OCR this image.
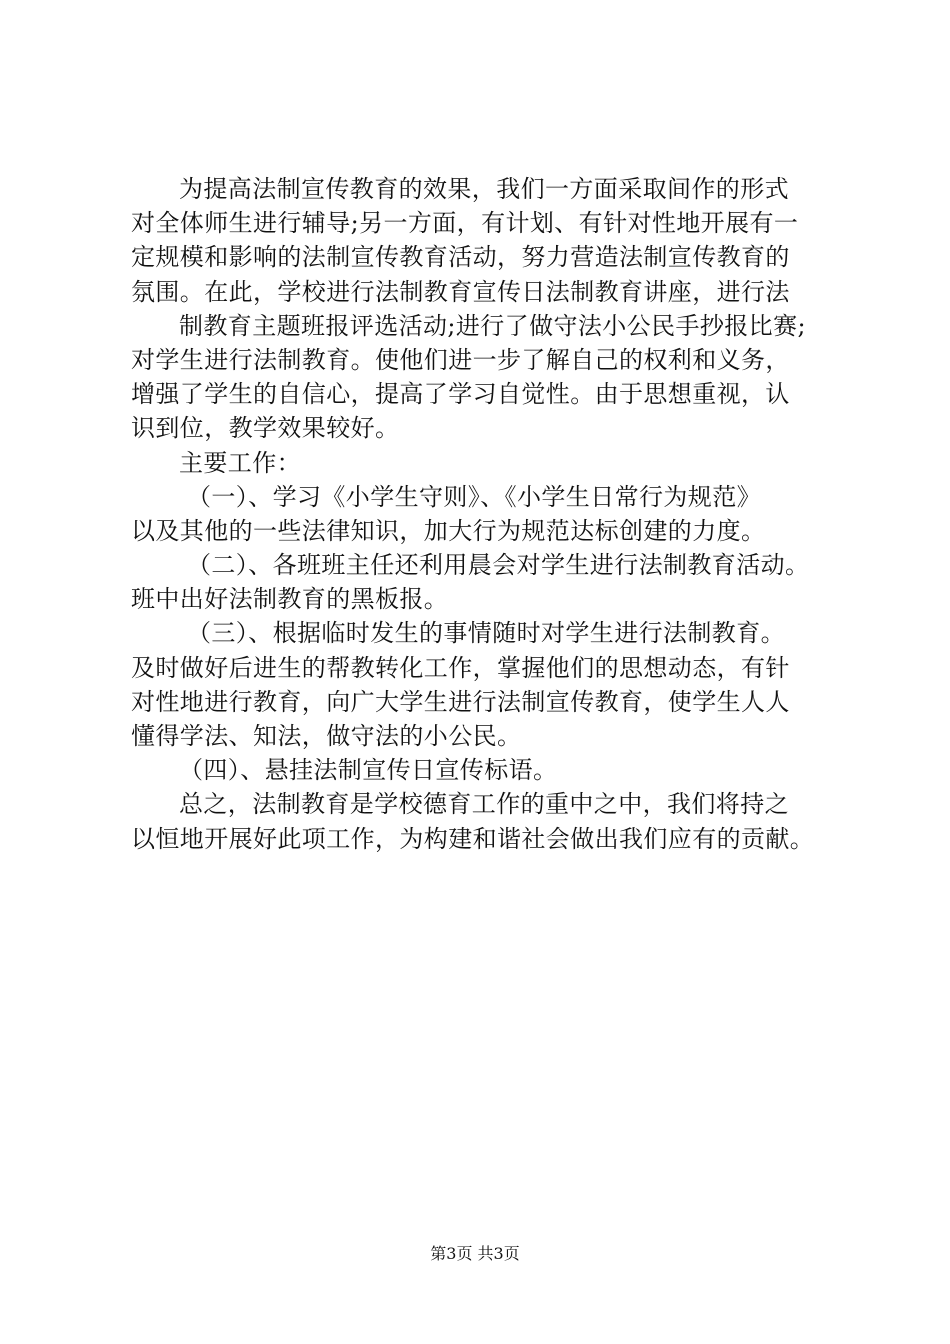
为提高法制宣传教育的效果，我们一方面采取间作的形式
对全体师生进行辅导;另一方面，有计划、有针对性地开展有一
定规模和影响的法制宣传教育活动，努力营造法制宣传教育的
氛围。在此，学校进行法制教育宣传日法制教育讲座，进行法
制教育主题班报评选活动;进行了做守法小公民手抄报比赛;
对学生进行法制教育。使他们进一步了解自己的权利和义务，
增强了学生的自信心，提高了学习自觉性。由于思想重视，认
识到位，教学效果较好。
主要工作：
（一）、学习《小学生守则》、《小学生日常行为规范》
以及其他的一些法律知识，加大行为规范达标创建的力度。
（二）、各班班主任还利用晨会对学生进行法制教育活动。
班中出好法制教育的黑板报。
（三）、根据临时发生的事情随时对学生进行法制教育。
及时做好后进生的帮教转化工作，掌握他们的思想动态，有针
对性地进行教育，向广大学生进行法制宣传教育，使学生人人
懂得学法、知法，做守法的小公民。
（四）、悬挂法制宣传日宣传标语。
总之，法制教育是学校德育工作的重中之中，我们将持之
以恒地开展好此项工作，为构建和谐社会做出我们应有的贡献。
第3页 共3页
